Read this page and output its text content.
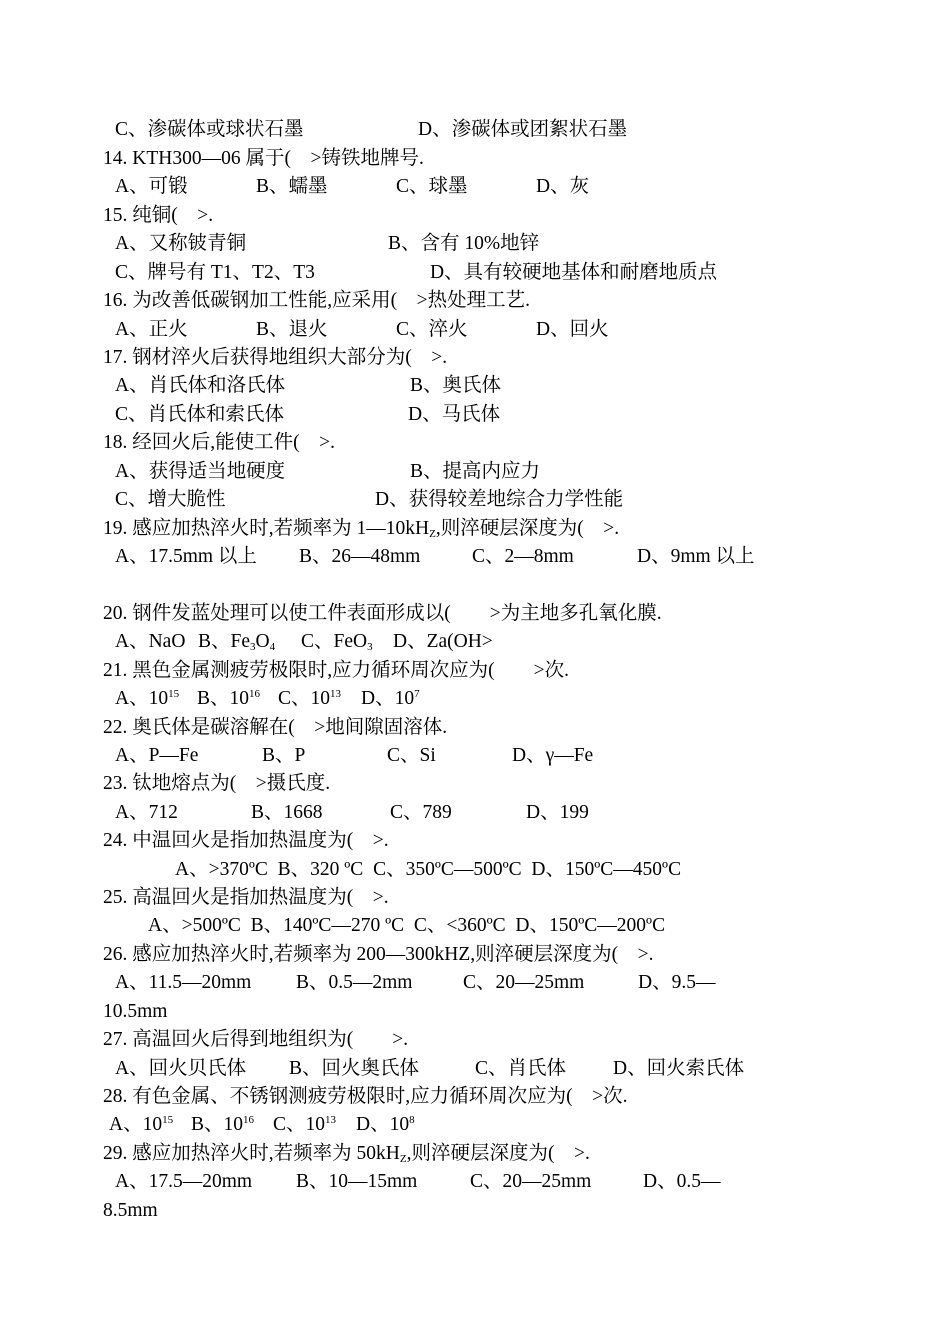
C、渗碳体或球状石墨

	D、渗碳体或团絮状石墨

14. KTH300—06 属于(　>铸铁地牌号.

A、可锻

	B、蠕墨

	C、球墨

	D、灰

15. 纯铜(　>.

A、又称铍青铜

	B、含有 10%地锌

C、牌号有 T1、T2、T3

	D、具有较硬地基体和耐磨地质点

16. 为改善低碳钢加工性能,应采用(　>热处理工艺.

A、正火

	B、退火

	C、淬火

	D、回火

17. 钢材淬火后获得地组织大部分为(　>.

A、肖氏体和洛氏体

	B、奥氏体

C、肖氏体和索氏体

	D、马氏体

18. 经回火后,能使工件(　>.

A、获得适当地硬度

	B、提高内应力

C、增大脆性

	D、获得较差地综合力学性能

19. 感应加热淬火时,若频率为 $1—10kH_Z$,则淬硬层深度为(　>.

A、17.5mm 以上

B、26—48mm

	C、2—8mm

	D、9mm 以上

20. 钢件发蓝处理可以使工件表面形成以(　　>为主地多孔氧化膜.

A、NaO

B、$Fe_3O_4$

C、FeO$_3$

D、Za(OH>

21. 黑色金属测疲劳极限时,应力循环周次应为(　　>次.

A、$10^{15}$

B、$10^{16}$

C、$10^{13}$

D、$10^7$

22. 奥氏体是碳溶解在(　>地间隙固溶体.

A、P—Fe

	B、P

	C、Si

	D、γ—Fe

23. 钛地熔点为(　>摄氏度.

A、712

	B、1668

	C、789

	D、199

24. 中温回火是指加热温度为(　>.

A、>370ºC  B、320 ºC  C、350ºC—500ºC  D、150ºC—450ºC

25. 高温回火是指加热温度为(　>.

A、>500ºC  B、140ºC—270 ºC  C、<360ºC  D、150ºC—200ºC

26. 感应加热淬火时,若频率为 200—300kHZ,则淬硬层深度为(　>.

A、11.5—20mm

B、0.5—2mm

	C、20—25mm

	D、9.5—

10.5mm

27. 高温回火后得到地组织为(　　>.

A、回火贝氏体

B、回火奥氏体

	C、肖氏体

D、回火索氏体

28. 有色金属、不锈钢测疲劳极限时,应力循环周次应为(　>次.

A、$10^{15}$

B、$10^{16}$

C、$10^{13}$

D、$10^8$

29. 感应加热淬火时,若频率为 $50kH_Z$,则淬硬层深度为(　>.

A、17.5—20mm

B、10—15mm

	C、20—25mm

	D、0.5—

8.5mm
